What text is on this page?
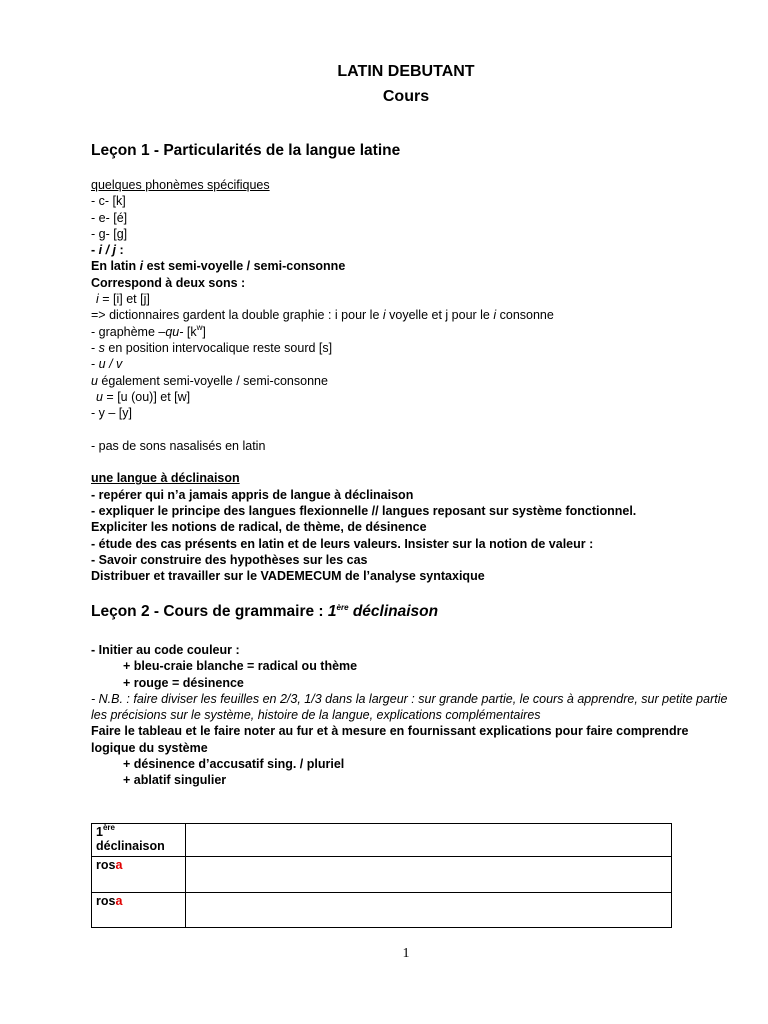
LATIN DEBUTANT
Cours
Leçon 1 - Particularités de la langue latine
quelques phonèmes spécifiques
- c- [k]
- e- [é]
- g- [g]
- i / j :
En latin i est semi-voyelle / semi-consonne
Correspond à deux sons :
i = [i] et [j]
=> dictionnaires gardent la double graphie : i pour le i voyelle et j pour le i consonne
- graphème –qu- $[k^w]$
- s en position intervocalique reste sourd [s]
- u / v
u également semi-voyelle / semi-consonne
u = [u (ou)] et [w]
- y – [y]
- pas de sons nasalisés en latin
une langue à déclinaison
- repérer qui n’a jamais appris de langue à déclinaison
- expliquer le principe des langues flexionnelle // langues reposant sur système fonctionnel.
Expliciter les notions de radical, de thème, de désinence
- étude des cas présents en latin et de leurs valeurs. Insister sur la notion de valeur :
- Savoir construire des hypothèses sur les cas
Distribuer et travailler sur le VADEMECUM de l’analyse syntaxique
Leçon 2 - Cours de grammaire : 1ère déclinaison
- Initier au code couleur :
+ bleu-craie blanche = radical ou thème
+ rouge = désinence
- N.B. : faire diviser les feuilles en 2/3, 1/3 dans la largeur : sur grande partie, le cours à apprendre, sur petite partie les précisions sur le système, histoire de la langue, explications complémentaires
Faire le tableau et le faire noter au fur et à mesure en fournissant explications pour faire comprendre logique du système
+ désinence d’accusatif sing. / pluriel
+ ablatif singulier
1ère
déclinaison	
rosa	
rosa	
1
